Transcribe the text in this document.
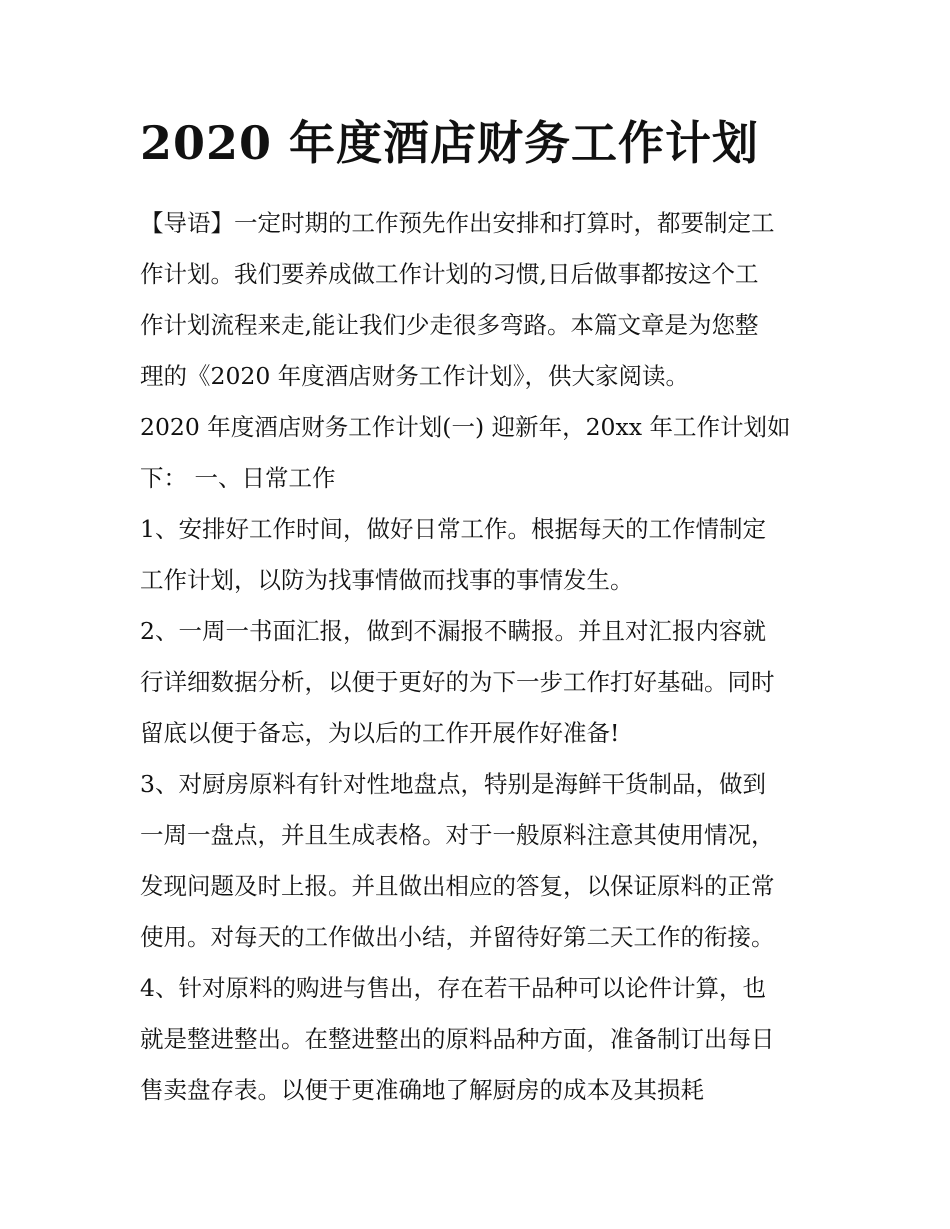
2020 年度酒店财务工作计划
【导语】一定时期的工作预先作出安排和打算时，都要制定工
作计划。我们要养成做工作计划的习惯,日后做事都按这个工
作计划流程来走,能让我们少走很多弯路。本篇文章是为您整
理的《2020 年度酒店财务工作计划》，供大家阅读。
2020 年度酒店财务工作计划(一) 迎新年，20xx 年工作计划如
下： 一、日常工作
1、安排好工作时间，做好日常工作。根据每天的工作情制定
工作计划，以防为找事情做而找事的事情发生。
2、一周一书面汇报，做到不漏报不瞒报。并且对汇报内容就
行详细数据分析，以便于更好的为下一步工作打好基础。同时
留底以便于备忘，为以后的工作开展作好准备!
3、对厨房原料有针对性地盘点，特别是海鲜干货制品，做到
一周一盘点，并且生成表格。对于一般原料注意其使用情况，
发现问题及时上报。并且做出相应的答复，以保证原料的正常
使用。对每天的工作做出小结，并留待好第二天工作的衔接。
4、针对原料的购进与售出，存在若干品种可以论件计算，也
就是整进整出。在整进整出的原料品种方面，准备制订出每日
售卖盘存表。以便于更准确地了解厨房的成本及其损耗
